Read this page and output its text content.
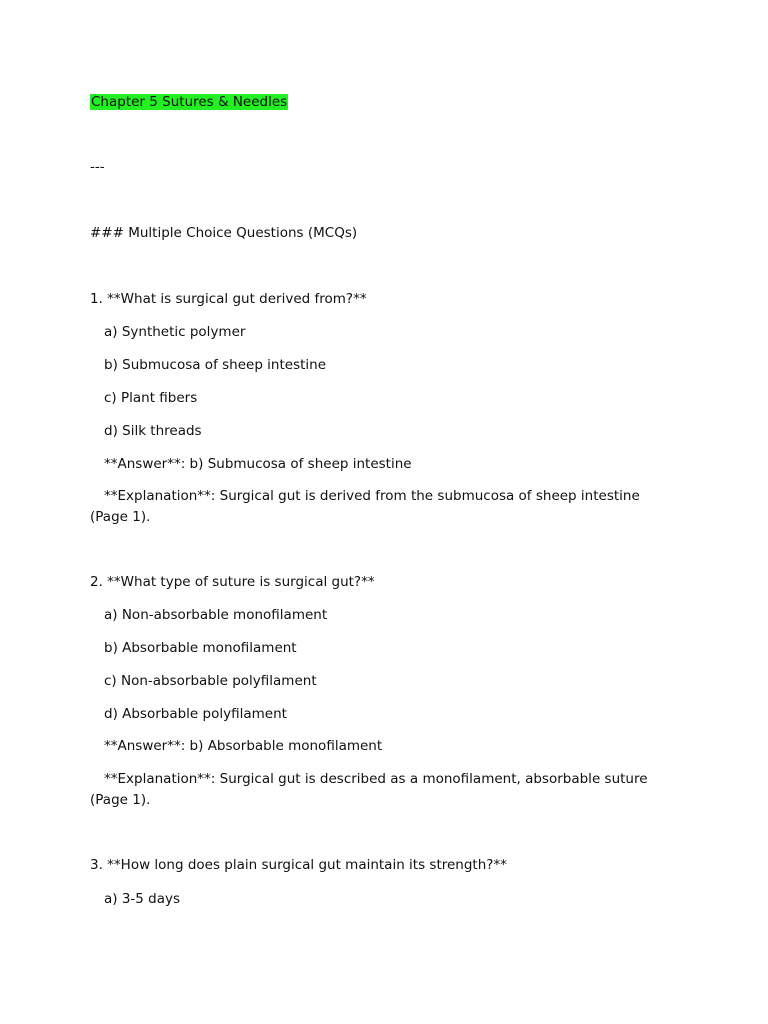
Chapter 5 Sutures & Needles
---
### Multiple Choice Questions (MCQs)
1. **What is surgical gut derived from?**
a) Synthetic polymer
b) Submucosa of sheep intestine
c) Plant fibers
d) Silk threads
**Answer**: b) Submucosa of sheep intestine
**Explanation**: Surgical gut is derived from the submucosa of sheep intestine
(Page 1).
2. **What type of suture is surgical gut?**
a) Non-absorbable monofilament
b) Absorbable monofilament
c) Non-absorbable polyfilament
d) Absorbable polyfilament
**Answer**: b) Absorbable monofilament
**Explanation**: Surgical gut is described as a monofilament, absorbable suture
(Page 1).
3. **How long does plain surgical gut maintain its strength?**
a) 3-5 days
